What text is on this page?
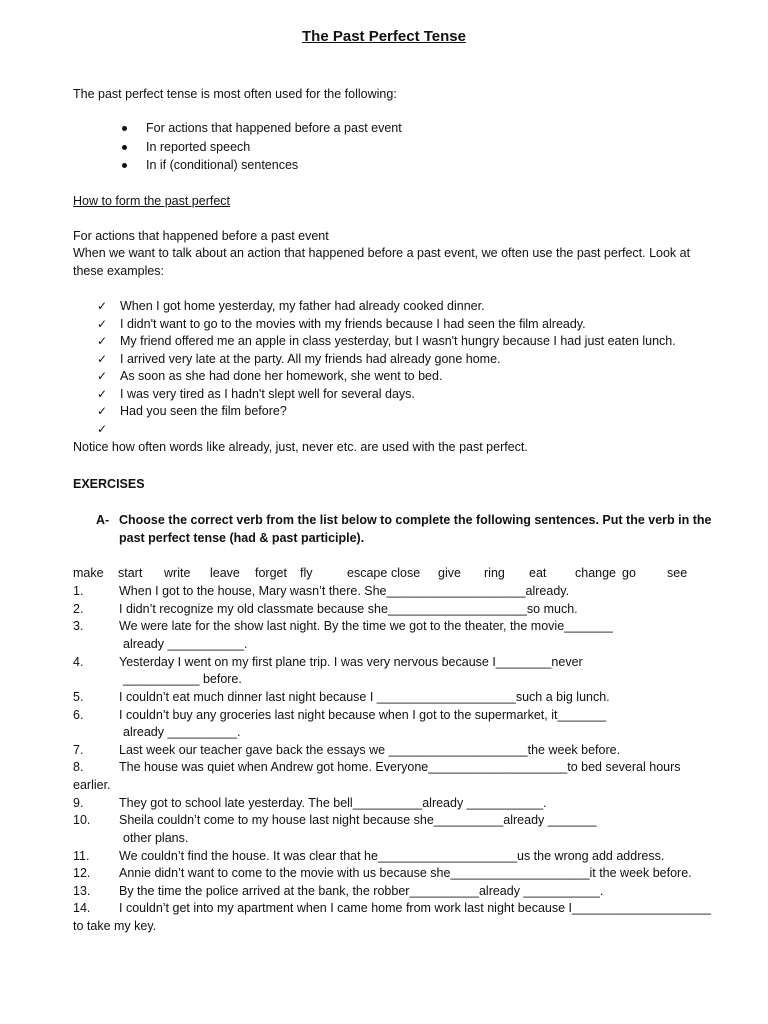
The Past Perfect Tense
The past perfect tense is most often used for the following:
For actions that happened before a past event
In reported speech
In if (conditional) sentences
How to form the past perfect
For actions that happened before a past event
When we want to talk about an action that happened before a past event, we often use the past perfect. Look at
these examples:
✓ When I got home yesterday, my father had already cooked dinner.
✓ I didn't want to go to the movies with my friends because I had seen the film already.
✓ My friend offered me an apple in class yesterday, but I wasn't hungry because I had just eaten lunch.
✓ I arrived very late at the party. All my friends had already gone home.
✓ As soon as she had done her homework, she went to bed.
✓ I was very tired as I hadn't slept well for several days.
✓ Had you seen the film before?
✓
Notice how often words like already, just, never etc. are used with the past perfect.
EXERCISES
A- Choose the correct verb from the list below to complete the following sentences. Put the verb in the
past perfect tense (had & past participle).
make start write leave forget fly	escape close give ring eat change go see
1.	When I got to the house, Mary wasn’t there. She____________________already.
2.	I didn’t recognize my old classmate because she____________________so much.
3.	We were late for the show last night. By the time we got to the theater, the movie_______
already ___________.
4.	Yesterday I went on my first plane trip. I was very nervous because I________never
___________ before.
5.	I couldn’t eat much dinner last night because I ____________________such a big lunch.
6.	I couldn’t buy any groceries last night because when I got to the supermarket, it_______
already __________.
7.	Last week our teacher gave back the essays we ____________________the week before.
8.	The house was quiet when Andrew got home. Everyone____________________to bed several hours
earlier.
9.	They got to school late yesterday. The bell__________already ___________.
10. Sheila couldn’t come to my house last night because she__________already _______
other plans.
11. We couldn’t find the house. It was clear that he____________________us the wrong add address.
12. Annie didn’t want to come to the movie with us because she____________________it the week before.
13. By the time the police arrived at the bank, the robber__________already ___________.
14. I couldn’t get into my apartment when I came home from work last night because I____________________
to take my key.
